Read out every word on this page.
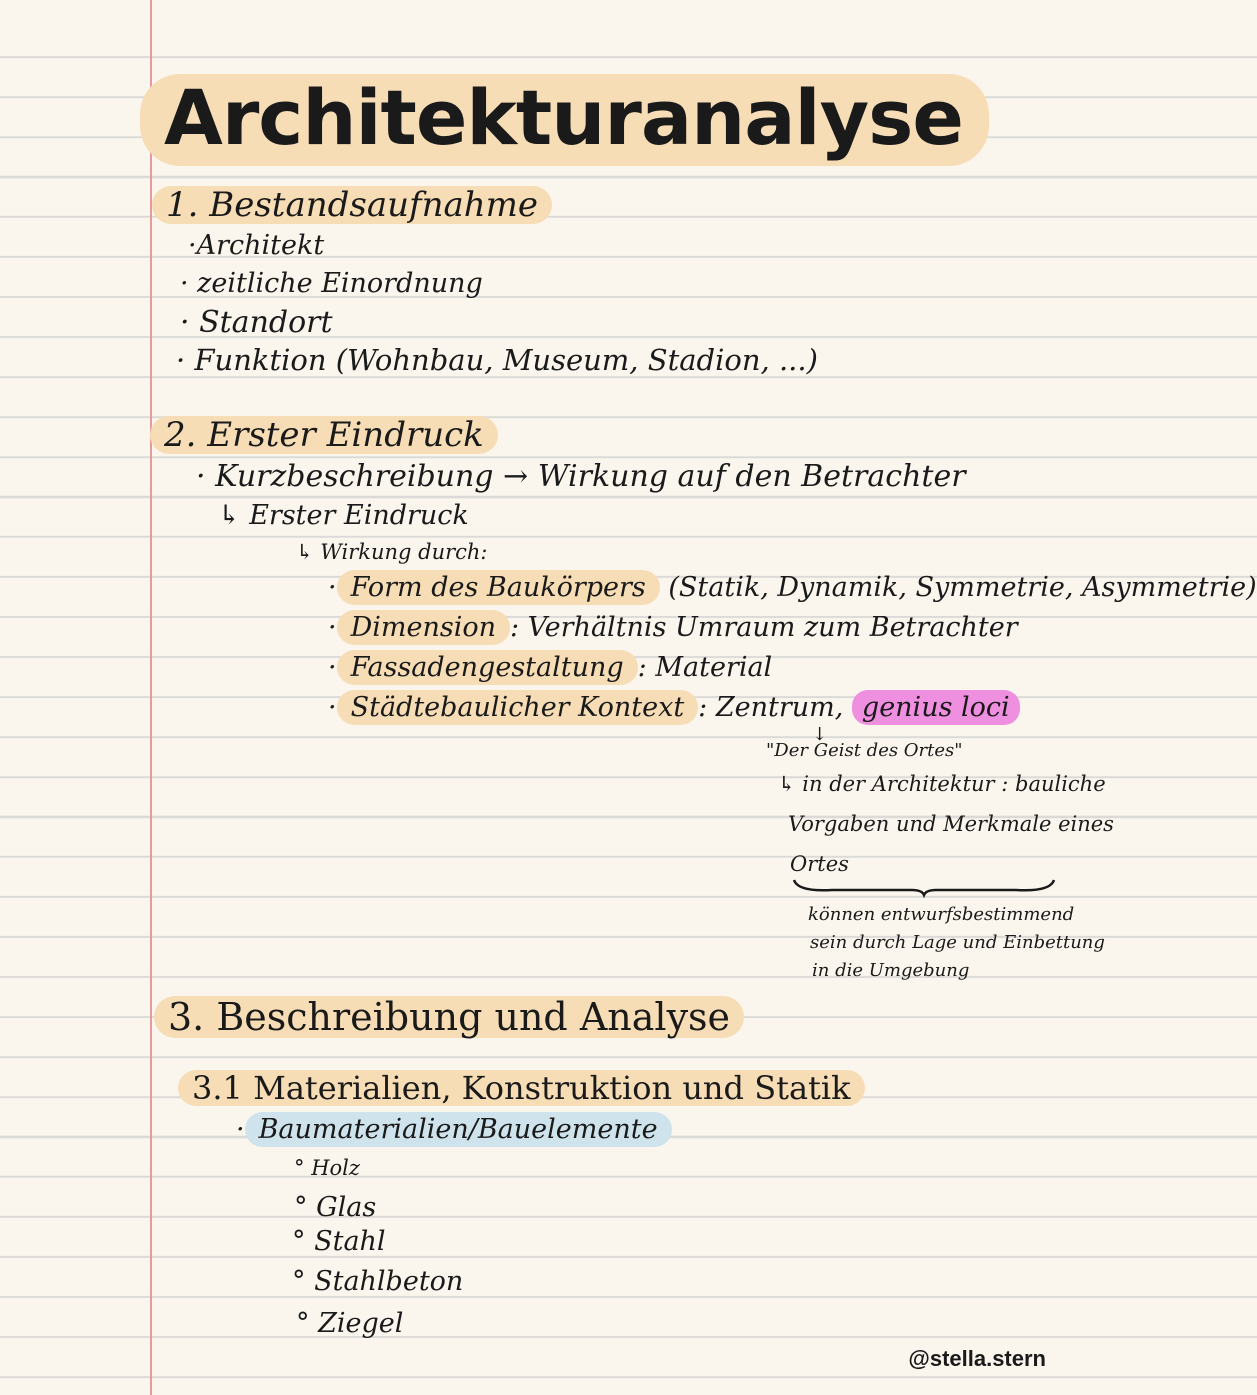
Architekturanalyse
1. Bestandsaufnahme
·Architekt
· zeitliche Einordnung
· Standort
· Funktion (Wohnbau, Museum, Stadion, ...)
2. Erster Eindruck
· Kurzbeschreibung → Wirkung auf den Betrachter
↳ Erster Eindruck
↳ Wirkung durch:
· Form des Baukörpers (Statik, Dynamik, Symmetrie, Asymmetrie)
· Dimension : Verhältnis Umraum zum Betrachter
· Fassadengestaltung : Material
· Städtebaulicher Kontext : Zentrum, genius loci
↓
"Der Geist des Ortes"
↳ in der Architektur : bauliche
Vorgaben und Merkmale eines
Ortes
können entwurfsbestimmend
sein durch Lage und Einbettung
in die Umgebung
3. Beschreibung und Analyse
3.1 Materialien, Konstruktion und Statik
· Baumaterialien/Bauelemente
° Holz
° Glas
° Stahl
° Stahlbeton
° Ziegel
@stella.stern
